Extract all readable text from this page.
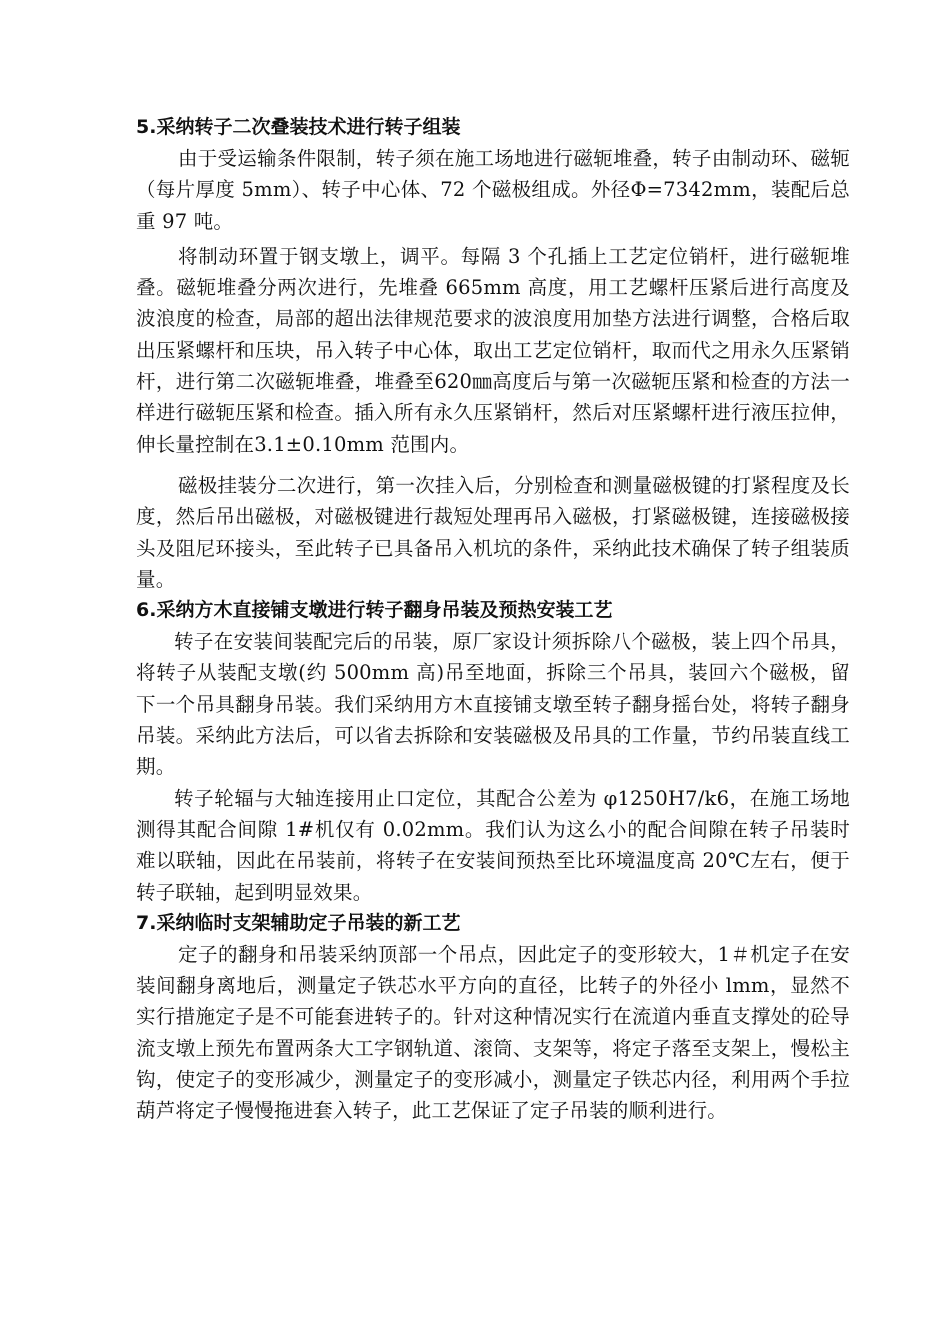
5.采纳转子二次叠装技术进行转子组装

由于受运输条件限制，转子须在施工场地进行磁轭堆叠，转子由制动环、磁轭（每片厚度 5mm）、转子中心体、72 个磁极组成。外径Φ=7342mm，装配后总重 97 吨。

将制动环置于钢支墩上，调平。每隔 3 个孔插上工艺定位销杆，进行磁轭堆叠。磁轭堆叠分两次进行，先堆叠 665mm 高度，用工艺螺杆压紧后进行高度及波浪度的检查，局部的超出法律规范要求的波浪度用加垫方法进行调整，合格后取出压紧螺杆和压块，吊入转子中心体，取出工艺定位销杆，取而代之用永久压紧销杆，进行第二次磁轭堆叠，堆叠至620㎜高度后与第一次磁轭压紧和检查的方法一样进行磁轭压紧和检查。插入所有永久压紧销杆，然后对压紧螺杆进行液压拉伸，伸长量控制在3.1±0.10mm 范围内。

磁极挂装分二次进行，第一次挂入后，分别检查和测量磁极键的打紧程度及长度，然后吊出磁极，对磁极键进行裁短处理再吊入磁极，打紧磁极键，连接磁极接头及阻尼环接头，至此转子已具备吊入机坑的条件，采纳此技术确保了转子组装质量。

6.采纳方木直接铺支墩进行转子翻身吊装及预热安装工艺

转子在安装间装配完后的吊装，原厂家设计须拆除八个磁极，装上四个吊具，将转子从装配支墩(约 500mm 高)吊至地面，拆除三个吊具，装回六个磁极，留下一个吊具翻身吊装。我们采纳用方木直接铺支墩至转子翻身摇台处，将转子翻身吊装。采纳此方法后，可以省去拆除和安装磁极及吊具的工作量，节约吊装直线工期。

转子轮辐与大轴连接用止口定位，其配合公差为 φ1250H7/k6，在施工场地测得其配合间隙 1#机仅有 0.02mm。我们认为这么小的配合间隙在转子吊装时难以联轴，因此在吊装前，将转子在安装间预热至比环境温度高 20℃左右，便于转子联轴，起到明显效果。

7.采纳临时支架辅助定子吊装的新工艺

定子的翻身和吊装采纳顶部一个吊点，因此定子的变形较大，1＃机定子在安装间翻身离地后，测量定子铁芯水平方向的直径，比转子的外径小 lmm，显然不实行措施定子是不可能套进转子的。针对这种情况实行在流道内垂直支撑处的砼导流支墩上预先布置两条大工字钢轨道、滚筒、支架等，将定子落至支架上，慢松主钩，使定子的变形减少，测量定子的变形减小，测量定子铁芯内径，利用两个手拉葫芦将定子慢慢拖进套入转子，此工艺保证了定子吊装的顺利进行。
